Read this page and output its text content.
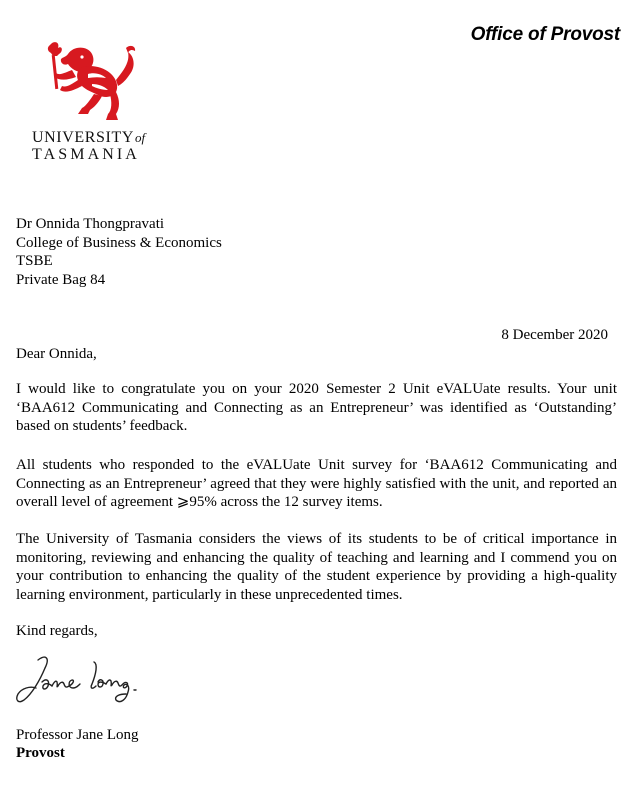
Office of Provost
UNIVERSITYof
TASMANIA
Dr Onnida Thongpravati
College of Business & Economics
TSBE
Private Bag 84
8 December 2020
Dear Onnida,

I would like to congratulate you on your 2020 Semester 2 Unit eVALUate results. Your unit ‘BAA612 Communicating and Connecting as an Entrepreneur’ was identified as ‘Outstanding’ based on students’ feedback.

All students who responded to the eVALUate Unit survey for ‘BAA612 Communicating and Connecting as an Entrepreneur’ agreed that they were highly satisfied with the unit, and reported an overall level of agreement ⩾95% across the 12 survey items.

The University of Tasmania considers the views of its students to be of critical importance in monitoring, reviewing and enhancing the quality of teaching and learning and I commend you on your contribution to enhancing the quality of the student experience by providing a high-quality learning environment, particularly in these unprecedented times.

Kind regards,
Professor Jane Long
Provost
